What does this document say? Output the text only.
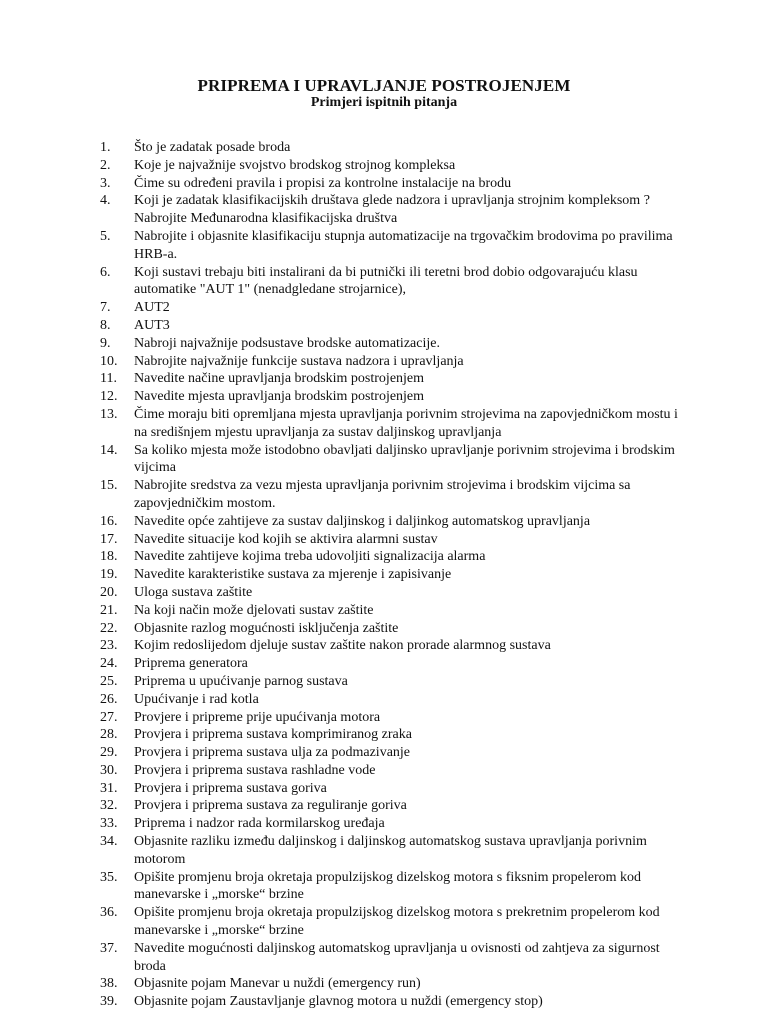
PRIPREMA I UPRAVLJANJE POSTROJENJEM
Primjeri ispitnih pitanja
1.	Što je zadatak posade broda
2.	Koje je najvažnije svojstvo brodskog strojnog kompleksa
3.	Čime su određeni pravila i propisi za kontrolne instalacije na brodu
4.	Koji je zadatak klasifikacijskih društava glede nadzora i upravljanja strojnim kompleksom ? Nabrojite Međunarodna klasifikacijska društva
5.	Nabrojite i objasnite klasifikaciju stupnja automatizacije na trgovačkim brodovima po pravilima HRB-a.
6.	Koji sustavi trebaju biti instalirani da bi putnički ili teretni brod dobio odgovarajuću klasu automatike "AUT 1" (nenadgledane strojarnice),
7.	AUT2
8.	AUT3
9.	Nabroji najvažnije podsustave brodske automatizacije.
10.	Nabrojite najvažnije funkcije sustava nadzora i upravljanja
11.	Navedite načine upravljanja brodskim postrojenjem
12.	Navedite mjesta upravljanja brodskim postrojenjem
13.	Čime moraju biti opremljana mjesta upravljanja porivnim strojevima na zapovjedničkom mostu i na središnjem mjestu upravljanja za sustav daljinskog upravljanja
14.	Sa koliko mjesta može istodobno obavljati daljinsko upravljanje porivnim strojevima i brodskim vijcima
15.	Nabrojite sredstva za vezu mjesta upravljanja porivnim strojevima i brodskim vijcima sa zapovjedničkim mostom.
16.	Navedite opće zahtijeve za sustav daljinskog i daljinkog automatskog upravljanja
17.	Navedite situacije kod kojih se aktivira alarmni sustav
18.	Navedite zahtijeve kojima treba udovoljiti signalizacija alarma
19.	Navedite karakteristike sustava za mjerenje i zapisivanje
20.	Uloga sustava zaštite
21.	Na koji način može djelovati sustav zaštite
22.	Objasnite razlog mogućnosti isključenja zaštite
23.	Kojim redoslijedom djeluje sustav zaštite nakon prorade alarmnog sustava
24.	Priprema generatora
25.	Priprema u upućivanje parnog sustava
26.	Upućivanje i rad kotla
27.	Provjere i pripreme prije upućivanja motora
28.	Provjera i priprema sustava komprimiranog zraka
29.	Provjera i priprema sustava ulja za podmazivanje
30.	Provjera i priprema sustava rashladne vode
31.	Provjera i priprema sustava goriva
32.	Provjera i priprema sustava za reguliranje goriva
33.	Priprema i nadzor rada kormilarskog uređaja
34.	Objasnite razliku između daljinskog i daljinskog automatskog sustava upravljanja porivnim motorom
35.	Opišite promjenu broja okretaja propulzijskog dizelskog motora s fiksnim propelerom kod manevarske i „morske“ brzine
36.	Opišite promjenu broja okretaja propulzijskog dizelskog motora s prekretnim propelerom kod manevarske i „morske“ brzine
37.	Navedite mogućnosti daljinskog automatskog upravljanja u ovisnosti od zahtjeva za sigurnost broda
38.	Objasnite pojam Manevar u nuždi (emergency run)
39.	Objasnite pojam Zaustavljanje glavnog motora u nuždi (emergency stop)
